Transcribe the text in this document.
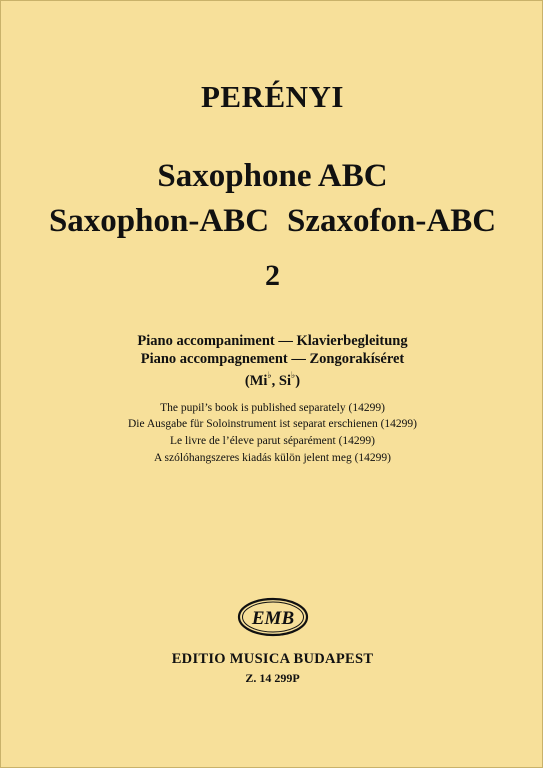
PERÉNYI
Saxophone ABC
Saxophon-ABC Szaxofon-ABC
2
Piano accompaniment — Klavierbegleitung
Piano accompagnement — Zongorakíséret
(Mi♭, Si♭)
The pupil’s book is published separately (14299)
Die Ausgabe für Soloinstrument ist separat erschienen (14299)
Le livre de l’éleve parut séparément (14299)
A szólóhangszeres kiadás külön jelent meg (14299)
EMB
EDITIO MUSICA BUDAPEST
Z. 14 299P
